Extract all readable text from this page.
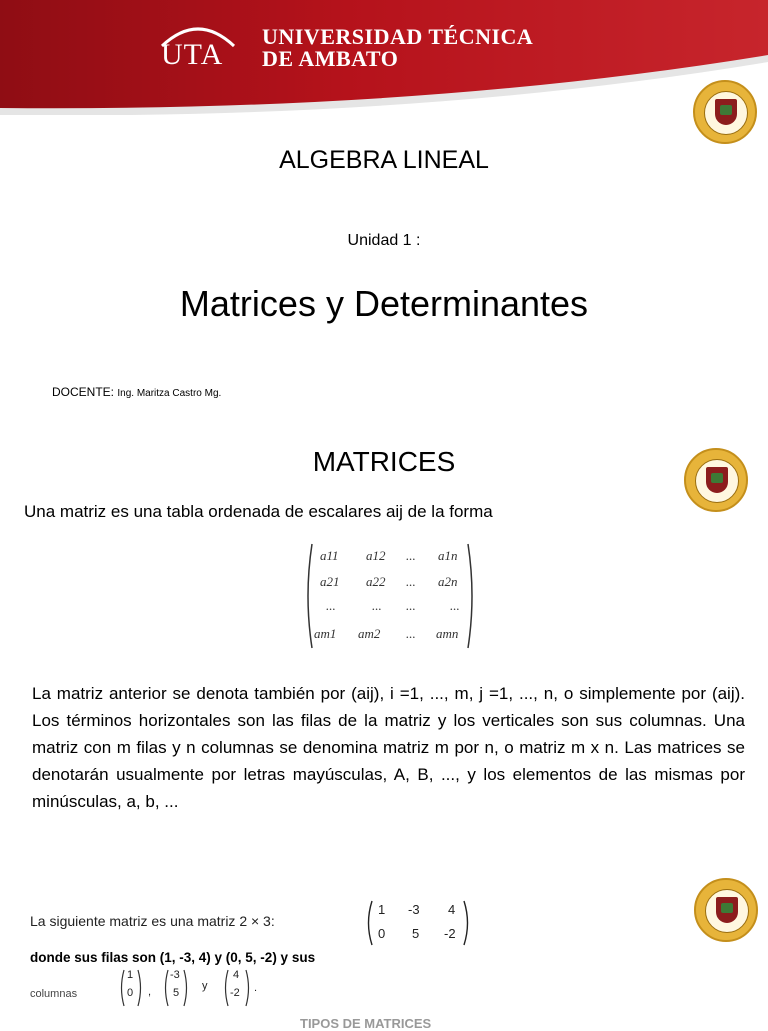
UTA
UNIVERSIDAD TÉCNICA
DE AMBATO
ALGEBRA LINEAL
Unidad 1 :
Matrices y Determinantes
DOCENTE: Ing. Maritza Castro Mg.
MATRICES
Una matriz es una tabla ordenada de escalares aij de la forma
a11 a12 ... a1n
a21 a22 ... a2n
...	... ...	...
am1 am2 ... amn
La matriz anterior se denota también por (aij), i =1, ..., m, j =1, ..., n, o simplemente por (aij). Los términos horizontales son las filas de la matriz y los verticales son sus columnas. Una matriz con m filas y n columnas se denomina matriz m por n, o matriz m x n. Las matrices se denotarán usualmente por letras mayúsculas, A, B, ..., y los elementos de las mismas por minúsculas, a, b, ...
La siguiente matriz es una matriz 2 × 3:
1 -3 4
0 5 -2
donde sus filas son (1, -3, 4) y (0, 5, -2) y sus
columnas
1
0 ,
-3
5
y
4
-2 .
TIPOS DE MATRICES
